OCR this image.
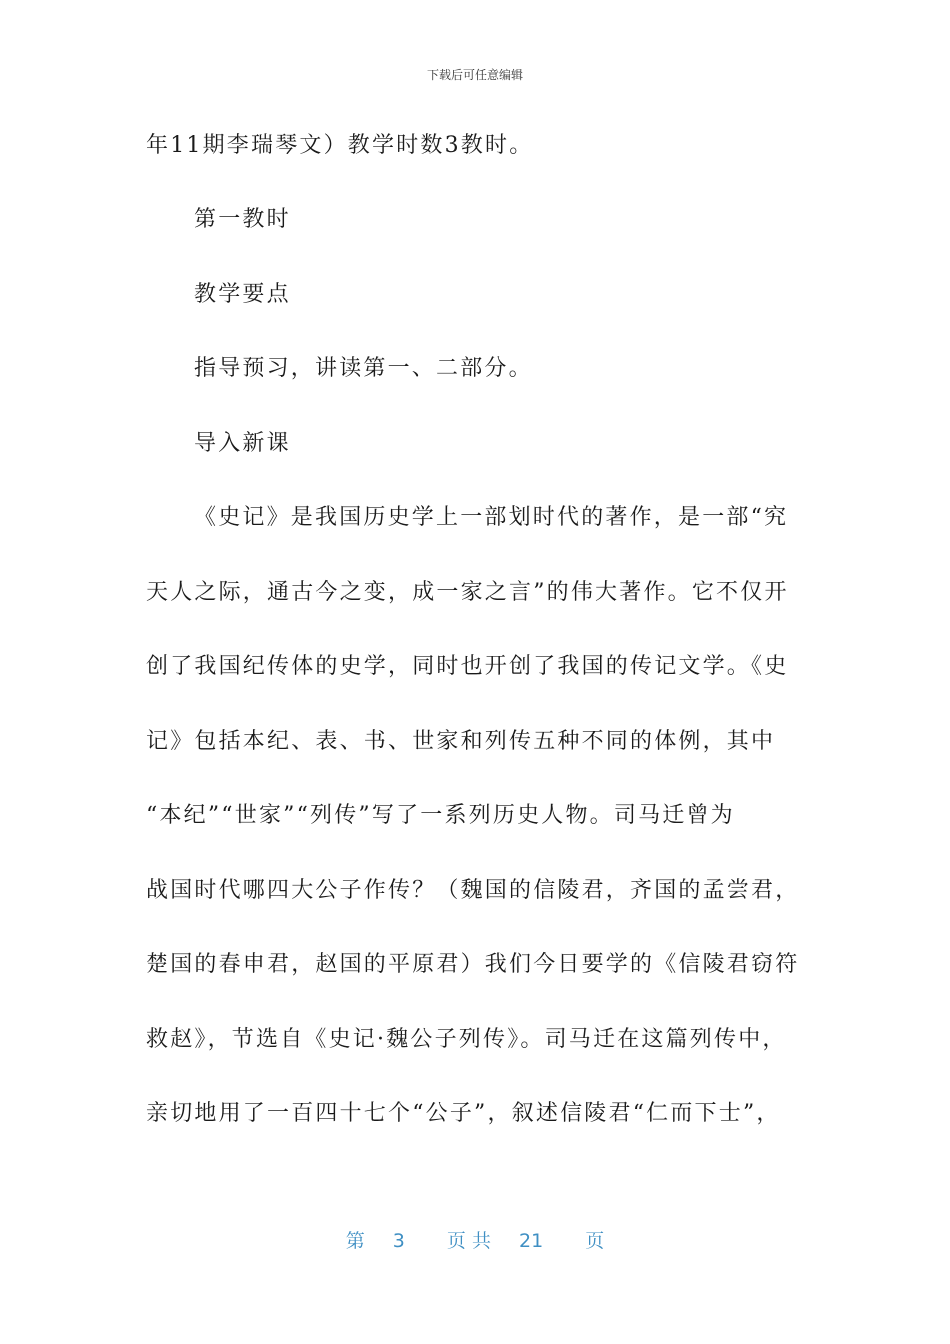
下载后可任意编辑
年11期李瑞琴文）教学时数3教时。
第一教时
教学要点
指导预习，讲读第一、二部分。
导入新课
《史记》是我国历史学上一部划时代的著作，是一部“究
天人之际，通古今之变，成一家之言”的伟大著作。它不仅开
创了我国纪传体的史学，同时也开创了我国的传记文学。《史
记》包括本纪、表、书、世家和列传五种不同的体例，其中
“本纪”“世家”“列传”写了一系列历史人物。司马迁曾为
战国时代哪四大公子作传？（魏国的信陵君，齐国的孟尝君，
楚国的春申君，赵国的平原君）我们今日要学的《信陵君窃符
救赵》，节选自《史记·魏公子列传》。司马迁在这篇列传中，
亲切地用了一百四十七个“公子”，叙述信陵君“仁而下士”，
第 3 页 共 21 页
